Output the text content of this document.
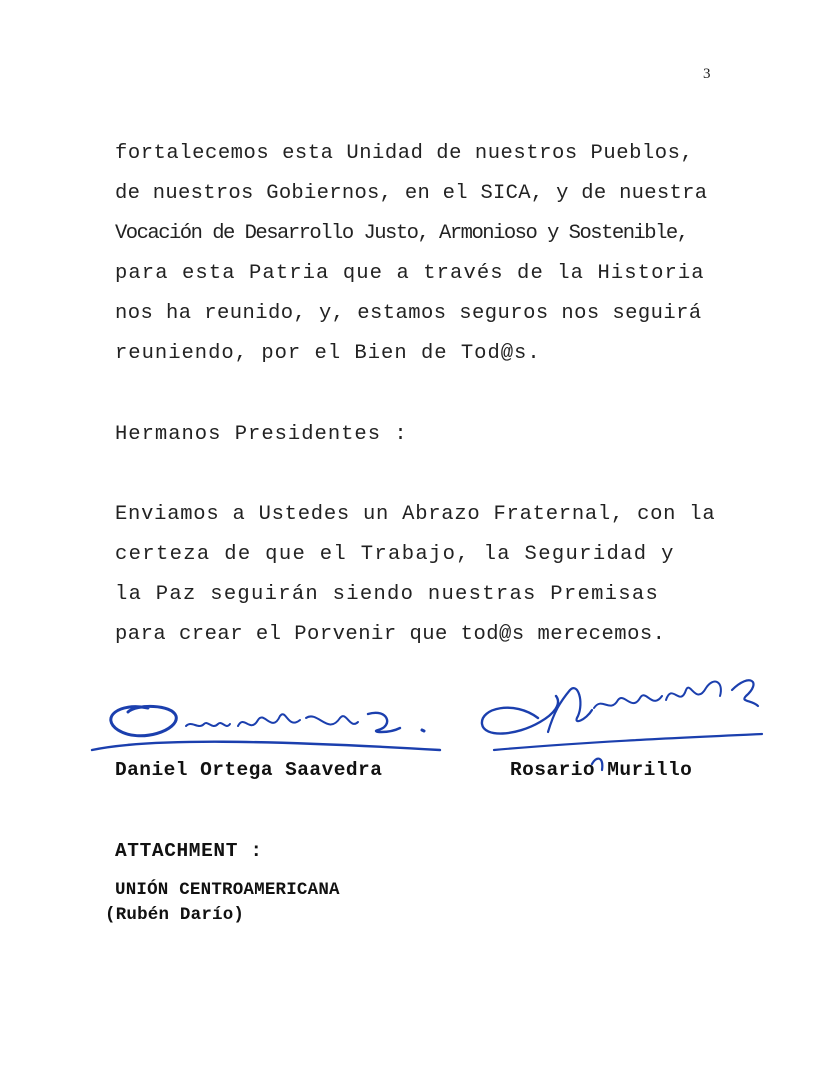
3
fortalecemos esta Unidad de nuestros Pueblos,
de nuestros Gobiernos, en el SICA, y de nuestra
Vocación de Desarrollo Justo, Armonioso y Sostenible,
para esta Patria que a través de la Historia
nos ha reunido, y, estamos seguros nos seguirá
reuniendo, por el Bien de Tod@s.
Hermanos Presidentes :
Enviamos a Ustedes un Abrazo Fraternal, con la
certeza de que el Trabajo, la Seguridad y
la Paz seguirán siendo nuestras Premisas
para crear el Porvenir que tod@s merecemos.
Daniel Ortega Saavedra	Rosario Murillo
ATTACHMENT :
UNIÓN CENTROAMERICANA
(Rubén Darío)
